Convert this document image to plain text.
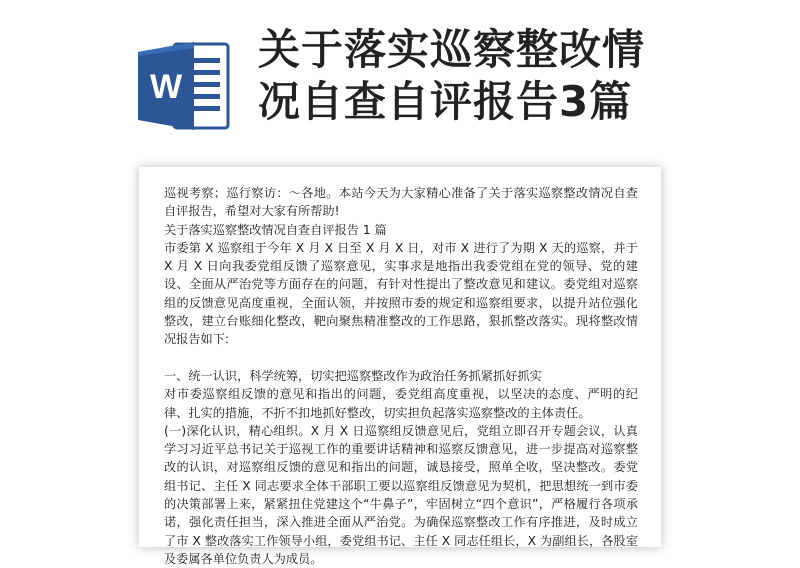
W
关于落实巡察整改情
况自查自评报告3篇

巡视考察；巡行察访：～各地。本站今天为大家精心准备了关于落实巡察整改情况自查自评报告，希望对大家有所帮助!

关于落实巡察整改情况自查自评报告 1 篇

市委第 X 巡察组于今年 X 月 X 日至 X 月 X 日，对市 X 进行了为期 X 天的巡察，并于 X 月 X 日向我委党组反馈了巡察意见，实事求是地指出我委党组在党的领导、党的建设、全面从严治党等方面存在的问题，有针对性提出了整改意见和建议。委党组对巡察组的反馈意见高度重视，全面认领，并按照市委的规定和巡察组要求，以提升站位强化整改，建立台账细化整改，靶向聚焦精准整改的工作思路，狠抓整改落实。现将整改情况报告如下:

一、统一认识，科学统筹，切实把巡察整改作为政治任务抓紧抓好抓实

对市委巡察组反馈的意见和指出的问题，委党组高度重视，以坚决的态度、严明的纪律、扎实的措施，不折不扣地抓好整改，切实担负起落实巡察整改的主体责任。

(一)深化认识，精心组织。X 月 X 日巡察组反馈意见后，党组立即召开专题会议，认真学习习近平总书记关于巡视工作的重要讲话精神和巡察反馈意见，进一步提高对巡察整改的认识，对巡察组反馈的意见和指出的问题，诚恳接受，照单全收，坚决整改。委党组书记、主任 X 同志要求全体干部职工要以巡察组反馈意见为契机，把思想统一到市委的决策部署上来，紧紧扭住党建这个“牛鼻子”，牢固树立“四个意识”，严格履行各项承诺，强化责任担当，深入推进全面从严治党。为确保巡察整改工作有序推进，及时成立了市 X 整改落实工作领导小组，委党组书记、主任 X 同志任组长，X 为副组长，各股室及委属各单位负责人为成员。
